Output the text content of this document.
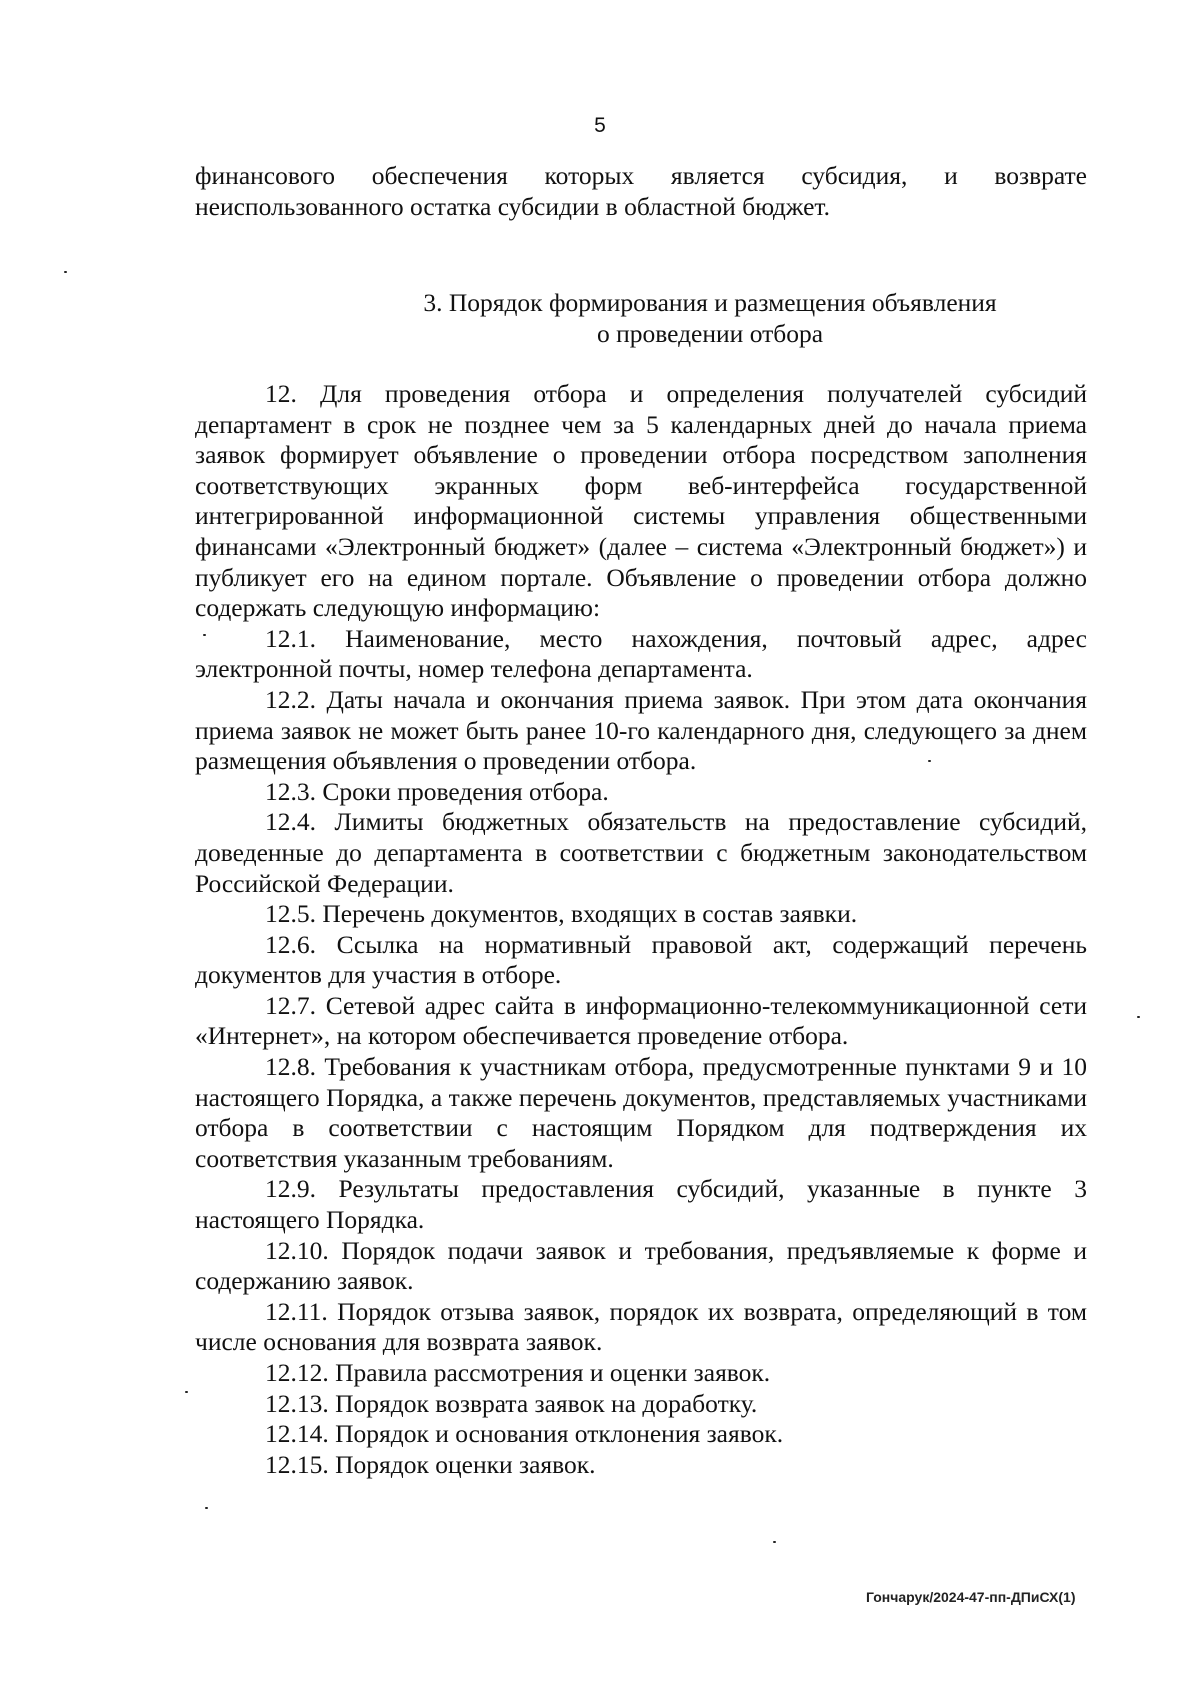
5

финансового обеспечения которых является субсидия, и возврате неиспользованного остатка субсидии в областной бюджет.

3. Порядок формирования и размещения объявления
о проведении отбора

12. Для проведения отбора и определения получателей субсидий департамент в срок не позднее чем за 5 календарных дней до начала приема заявок формирует объявление о проведении отбора посредством заполнения соответствующих экранных форм веб-интерфейса государственной интегрированной информационной системы управления общественными финансами «Электронный бюджет» (далее – система «Электронный бюджет») и публикует его на едином портале. Объявление о проведении отбора должно содержать следующую информацию:

12.1. Наименование, место нахождения, почтовый адрес, адрес электронной почты, номер телефона департамента.

12.2. Даты начала и окончания приема заявок. При этом дата окончания приема заявок не может быть ранее 10-го календарного дня, следующего за днем размещения объявления о проведении отбора.

12.3. Сроки проведения отбора.

12.4. Лимиты бюджетных обязательств на предоставление субсидий, доведенные до департамента в соответствии с бюджетным законодательством Российской Федерации.

12.5. Перечень документов, входящих в состав заявки.

12.6. Ссылка на нормативный правовой акт, содержащий перечень документов для участия в отборе.

12.7. Сетевой адрес сайта в информационно-телекоммуникационной сети «Интернет», на котором обеспечивается проведение отбора.

12.8. Требования к участникам отбора, предусмотренные пунктами 9 и 10 настоящего Порядка, а также перечень документов, представляемых участниками отбора в соответствии с настоящим Порядком для подтверждения их соответствия указанным требованиям.

12.9. Результаты предоставления субсидий, указанные в пункте 3 настоящего Порядка.

12.10. Порядок подачи заявок и требования, предъявляемые к форме и содержанию заявок.

12.11. Порядок отзыва заявок, порядок их возврата, определяющий в том числе основания для возврата заявок.

12.12. Правила рассмотрения и оценки заявок.

12.13. Порядок возврата заявок на доработку.

12.14. Порядок и основания отклонения заявок.

12.15. Порядок оценки заявок.

Гончарук/2024-47-пп-ДПиСХ(1)
